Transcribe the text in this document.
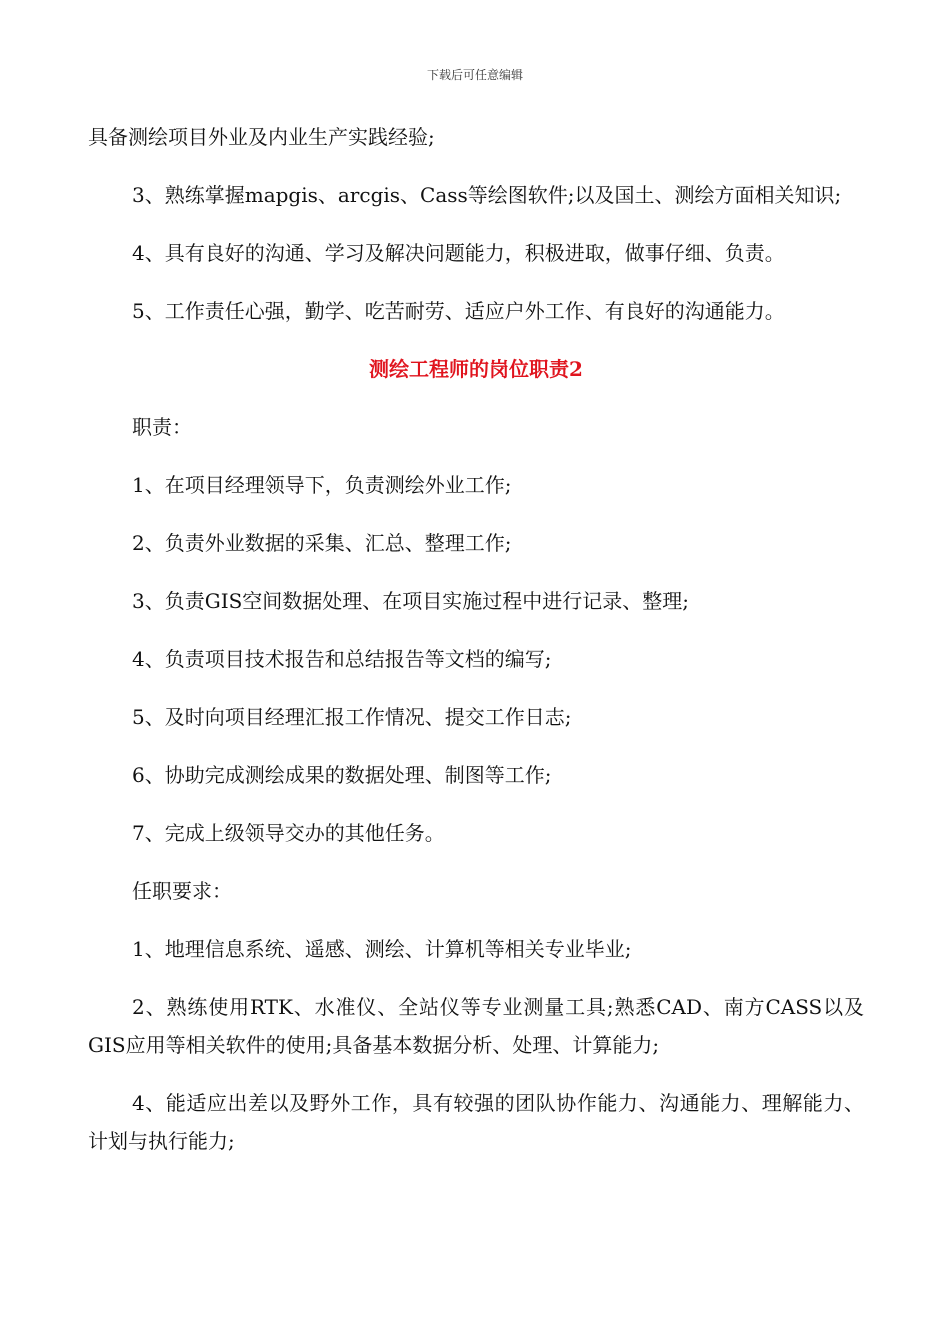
下载后可任意编辑

具备测绘项目外业及内业生产实践经验;

3、熟练掌握mapgis、arcgis、Cass等绘图软件;以及国土、测绘方面相关知识;

4、具有良好的沟通、学习及解决问题能力，积极进取，做事仔细、负责。

5、工作责任心强，勤学、吃苦耐劳、适应户外工作、有良好的沟通能力。

测绘工程师的岗位职责2

职责：

1、在项目经理领导下，负责测绘外业工作;

2、负责外业数据的采集、汇总、整理工作;

3、负责GIS空间数据处理、在项目实施过程中进行记录、整理;

4、负责项目技术报告和总结报告等文档的编写;

5、及时向项目经理汇报工作情况、提交工作日志;

6、协助完成测绘成果的数据处理、制图等工作;

7、完成上级领导交办的其他任务。

任职要求：

1、地理信息系统、遥感、测绘、计算机等相关专业毕业;

2、熟练使用RTK、水准仪、全站仪等专业测量工具;熟悉CAD、南方CASS以及GIS应用等相关软件的使用;具备基本数据分析、处理、计算能力;

4、能适应出差以及野外工作，具有较强的团队协作能力、沟通能力、理解能力、计划与执行能力;
